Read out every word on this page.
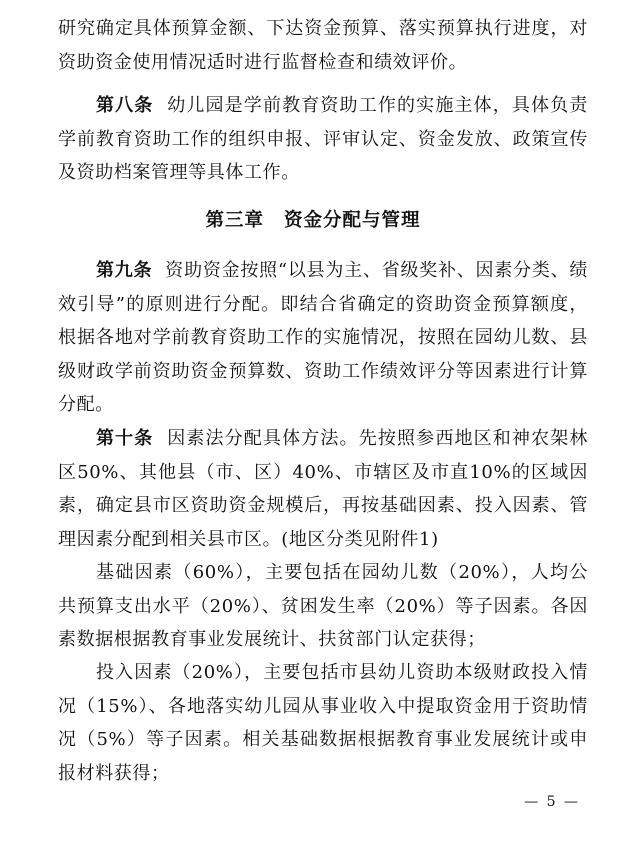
研究确定具体预算金额、下达资金预算、落实预算执行进度，对资助资金使用情况适时进行监督检查和绩效评价。

第八条 幼儿园是学前教育资助工作的实施主体，具体负责学前教育资助工作的组织申报、评审认定、资金发放、政策宣传及资助档案管理等具体工作。

第三章 资金分配与管理

第九条 资助资金按照“以县为主、省级奖补、因素分类、绩效引导”的原则进行分配。即结合省确定的资助资金预算额度，根据各地对学前教育资助工作的实施情况，按照在园幼儿数、县级财政学前资助资金预算数、资助工作绩效评分等因素进行计算分配。

第十条 因素法分配具体方法。先按照参西地区和神农架林区50%、其他县（市、区）40%、市辖区及市直10%的区域因素，确定县市区资助资金规模后，再按基础因素、投入因素、管理因素分配到相关县市区。(地区分类见附件1)

基础因素（60%），主要包括在园幼儿数（20%），人均公共预算支出水平（20%）、贫困发生率（20%）等子因素。各因素数据根据教育事业发展统计、扶贫部门认定获得；

投入因素（20%），主要包括市县幼儿资助本级财政投入情况（15%）、各地落实幼儿园从事业收入中提取资金用于资助情况（5%）等子因素。相关基础数据根据教育事业发展统计或申报材料获得；

— 5 —
